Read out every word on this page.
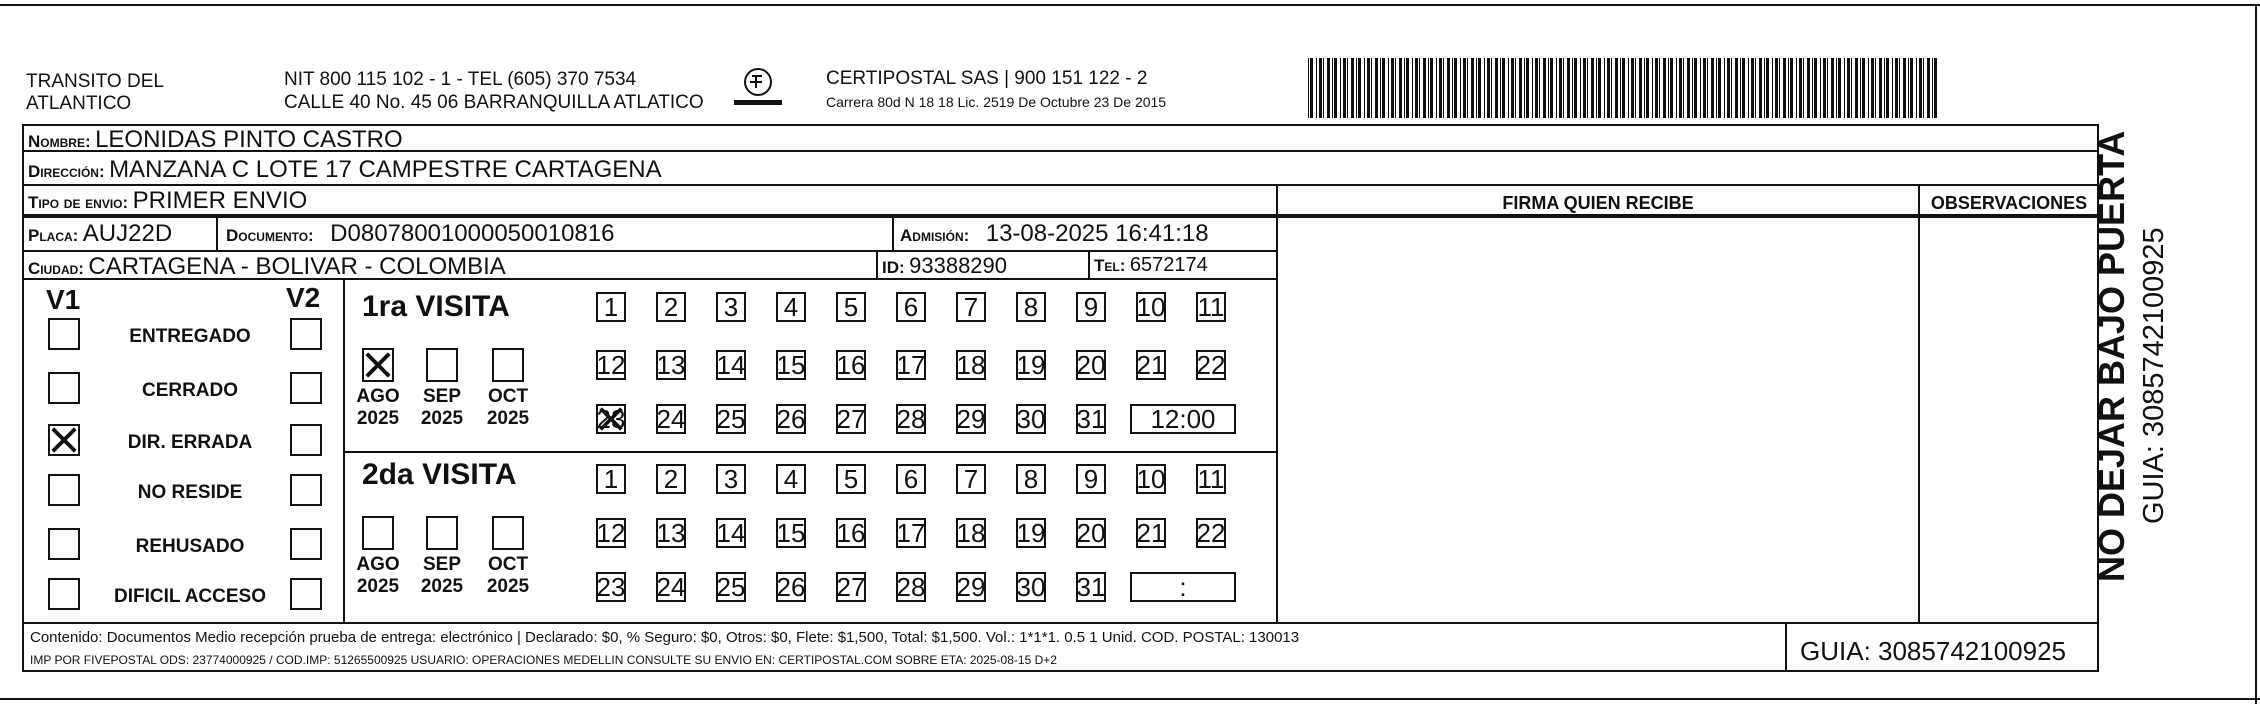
TRANSITO DEL
ATLANTICO
NIT 800 115 102 - 1 - TEL (605) 370 7534
CALLE 40 No. 45 06 BARRANQUILLA ATLATICO
CERTIPOSTAL SAS | 900 151 122 - 2
Carrera 80d N 18 18 Lic. 2519 De Octubre 23 De 2015
Nombre: LEONIDAS PINTO CASTRO
Dirección: MANZANA C LOTE 17 CAMPESTRE CARTAGENA
Tipo de envio: PRIMER ENVIO
Placa: AUJ22D	Documento: D08078001000050010816	Admisión: 13-08-2025 16:41:18
Ciudad: CARTAGENA - BOLIVAR - COLOMBIA	ID: 93388290	Tel: 6572174
FIRMA QUIEN RECIBE	OBSERVACIONES
V1	V2
ENTREGADO
CERRADO
DIR. ERRADA
NO RESIDE
REHUSADO
DIFICIL ACCESO
1ra VISITA
AGO
2025
SEP
2025
OCT
2025
1 2 3 4 5 6 7 8 9 10 11
12 13 14 15 16 17 18 19 20 21 22
23 24 25 26 27 28 29 30 31	12:00
2da VISITA
AGO
2025
SEP
2025
OCT
2025
1 2 3 4 5 6 7 8 9 10 11
12 13 14 15 16 17 18 19 20 21 22
23 24 25 26 27 28 29 30 31	:
Contenido: Documentos Medio recepción prueba de entrega: electrónico | Declarado: $0, % Seguro: $0, Otros: $0, Flete: $1,500, Total: $1,500. Vol.: 1*1*1. 0.5 1 Unid. COD. POSTAL: 130013
IMP POR FIVEPOSTAL ODS: 23774000925 / COD.IMP: 51265500925 USUARIO: OPERACIONES MEDELLIN CONSULTE SU ENVIO EN: CERTIPOSTAL.COM SOBRE ETA: 2025-08-15 D+2	GUIA: 3085742100925
NO DEJAR BAJO PUERTA GUIA: 3085742100925
